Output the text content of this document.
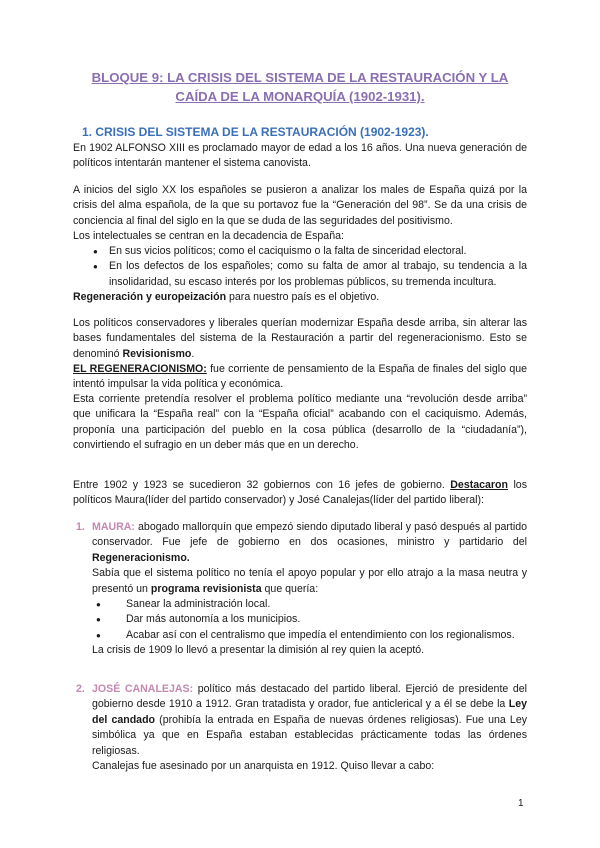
BLOQUE 9: LA CRISIS DEL SISTEMA DE LA RESTAURACIÓN Y LA
CAÍDA DE LA MONARQUÍA (1902-1931).
1. CRISIS DEL SISTEMA DE LA RESTAURACIÓN (1902-1923).
En 1902 ALFONSO XIII es proclamado mayor de edad a los 16 años. Una nueva generación de políticos intentarán mantener el sistema canovista.
A inicios del siglo XX los españoles se pusieron a analizar los males de España quizá por la crisis del alma española, de la que su portavoz fue la “Generación del 98”. Se da una crisis de conciencia al final del siglo en la que se duda de las seguridades del positivismo.
Los intelectuales se centran en la decadencia de España:
● En sus vicios políticos; como el caciquismo o la falta de sinceridad electoral.
● En los defectos de los españoles; como su falta de amor al trabajo, su tendencia a la insolidaridad, su escaso interés por los problemas públicos, su tremenda incultura.
Regeneración y europeización para nuestro país es el objetivo.
Los políticos conservadores y liberales querían modernizar España desde arriba, sin alterar las bases fundamentales del sistema de la Restauración a partir del regeneracionismo. Esto se denominó Revisionismo.
EL REGENERACIONISMO: fue corriente de pensamiento de la España de finales del siglo que intentó impulsar la vida política y económica.
Esta corriente pretendía resolver el problema político mediante una “revolución desde arriba” que unificara la “España real” con la “España oficial” acabando con el caciquismo. Además, proponía una participación del pueblo en la cosa pública (desarrollo de la “ciudadanía”), convirtiendo el sufragio en un deber más que en un derecho.
Entre 1902 y 1923 se sucedieron 32 gobiernos con 16 jefes de gobierno. Destacaron los políticos Maura(líder del partido conservador) y José Canalejas(líder del partido liberal):
1. MAURA: abogado mallorquín que empezó siendo diputado liberal y pasó después al partido conservador. Fue jefe de gobierno en dos ocasiones, ministro y partidario del Regeneracionismo.

Sabía que el sistema político no tenía el apoyo popular y por ello atrajo a la masa neutra y presentó un programa revisionista que quería:

● Sanear la administración local.
● Dar más autonomía a los municipios.
● Acabar así con el centralismo que impedía el entendimiento con los regionalismos.

La crisis de 1909 lo llevó a presentar la dimisión al rey quien la aceptó.

2. JOSÉ CANALEJAS: político más destacado del partido liberal. Ejerció de presidente del gobierno desde 1910 a 1912. Gran tratadista y orador, fue anticlerical y a él se debe la Ley del candado (prohibía la entrada en España de nuevas órdenes religiosas). Fue una Ley simbólica ya que en España estaban establecidas prácticamente todas las órdenes religiosas.

Canalejas fue asesinado por un anarquista en 1912. Quiso llevar a cabo:

1
